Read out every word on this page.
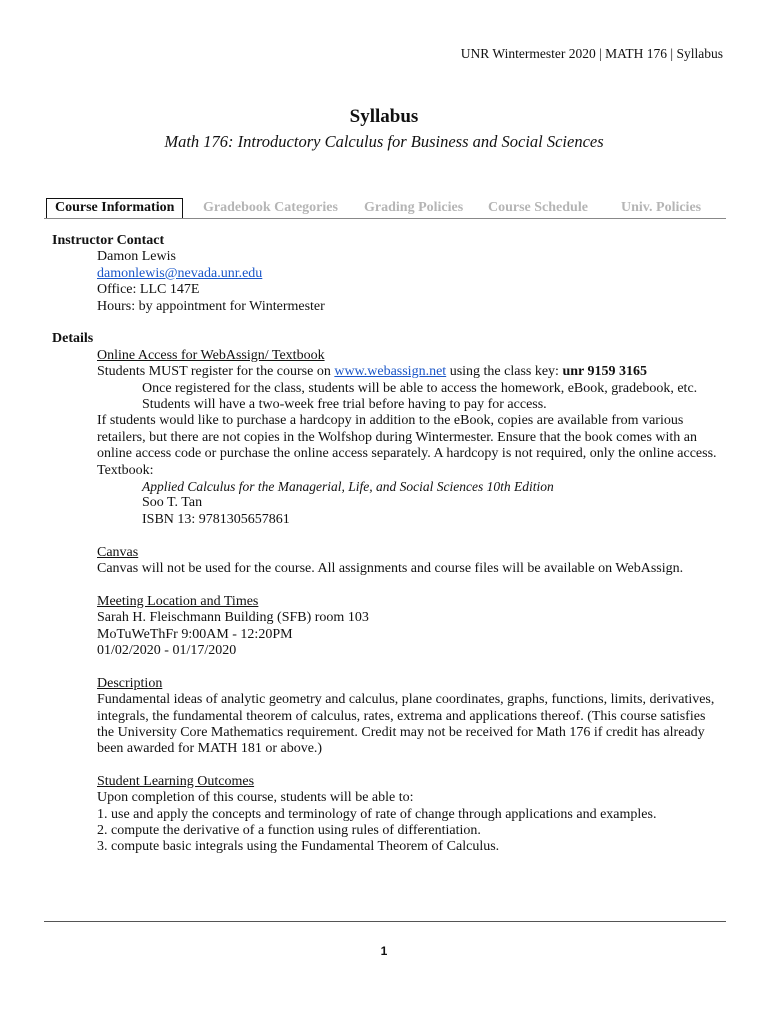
UNR Wintermester 2020 | MATH 176 | Syllabus
Syllabus
Math 176: Introductory Calculus for Business and Social Sciences
Course Information	Gradebook Categories Grading Policies Course Schedule Univ. Policies
Instructor Contact
Damon Lewis
damonlewis@nevada.unr.edu
Office: LLC 147E
Hours: by appointment for Wintermester
Details
Online Access for WebAssign/ Textbook
Students MUST register for the course on www.webassign.net using the class key: unr 9159 3165
Once registered for the class, students will be able to access the homework, eBook, gradebook, etc.
Students will have a two-week free trial before having to pay for access.
If students would like to purchase a hardcopy in addition to the eBook, copies are available from various retailers, but there are not copies in the Wolfshop during Wintermester. Ensure that the book comes with an online access code or purchase the online access separately. A hardcopy is not required, only the online access.
Textbook:
Applied Calculus for the Managerial, Life, and Social Sciences 10th Edition
Soo T. Tan
ISBN 13: 9781305657861
Canvas
Canvas will not be used for the course. All assignments and course files will be available on WebAssign.
Meeting Location and Times
Sarah H. Fleischmann Building (SFB) room 103
MoTuWeThFr 9:00AM - 12:20PM
01/02/2020 - 01/17/2020
Description
Fundamental ideas of analytic geometry and calculus, plane coordinates, graphs, functions, limits, derivatives, integrals, the fundamental theorem of calculus, rates, extrema and applications thereof. (This course satisfies the University Core Mathematics requirement. Credit may not be received for Math 176 if credit has already been awarded for MATH 181 or above.)
Student Learning Outcomes
Upon completion of this course, students will be able to:
1. use and apply the concepts and terminology of rate of change through applications and examples.
2. compute the derivative of a function using rules of differentiation.
3. compute basic integrals using the Fundamental Theorem of Calculus.
1
